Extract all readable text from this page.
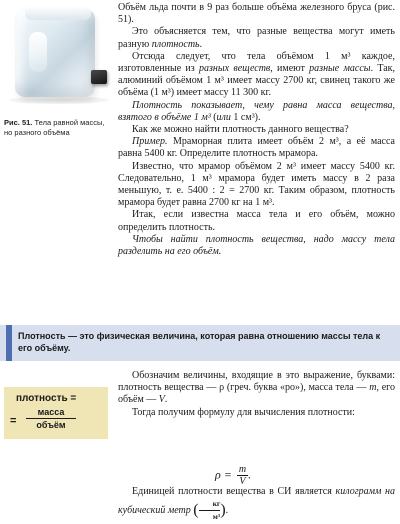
Рис. 51. Тела равной массы, но разного объёма

Объём льда почти в 9 раз больше объёма железного бруса (рис. 51).

Это объясняется тем, что разные вещества могут иметь разную плотность.

Отсюда следует, что тела объёмом 1 м³ каждое, изготовленные из разных веществ, имеют разные массы. Так, алюминий объёмом 1 м³ имеет массу 2700 кг, свинец такого же объёма (1 м³) имеет массу 11 300 кг.

Плотность показывает, чему равна масса вещества, взятого в объёме 1 м³ (или 1 см³).

Как же можно найти плотность данного вещества?

Пример. Мраморная плита имеет объём 2 м³, а её масса равна 5400 кг. Определите плотность мрамора.

Известно, что мрамор объёмом 2 м³ имеет массу 5400 кг. Следовательно, 1 м³ мрамора будет иметь массу в 2 раза меньшую, т. е. 5400 : 2 = 2700 кг. Таким образом, плотность мрамора будет равна 2700 кг на 1 м³.

Итак, если известна масса тела и его объём, можно определить плотность.

Чтобы найти плотность вещества, надо массу тела разделить на его объём.

Плотность — это физическая величина, которая равна отношению массы тела к его объёму.
плотность =
=
масса
объём

Обозначим величины, входящие в это выражение, буквами: плотность вещества — ρ (греч. буква «ро»), масса тела — m, его объём — V.

Тогда получим формулу для вычисления плотности:

$\rho = \frac{m}{V}$ .

Единицей плотности вещества в СИ является килограмм на кубический метр (	кг
м³ ).
